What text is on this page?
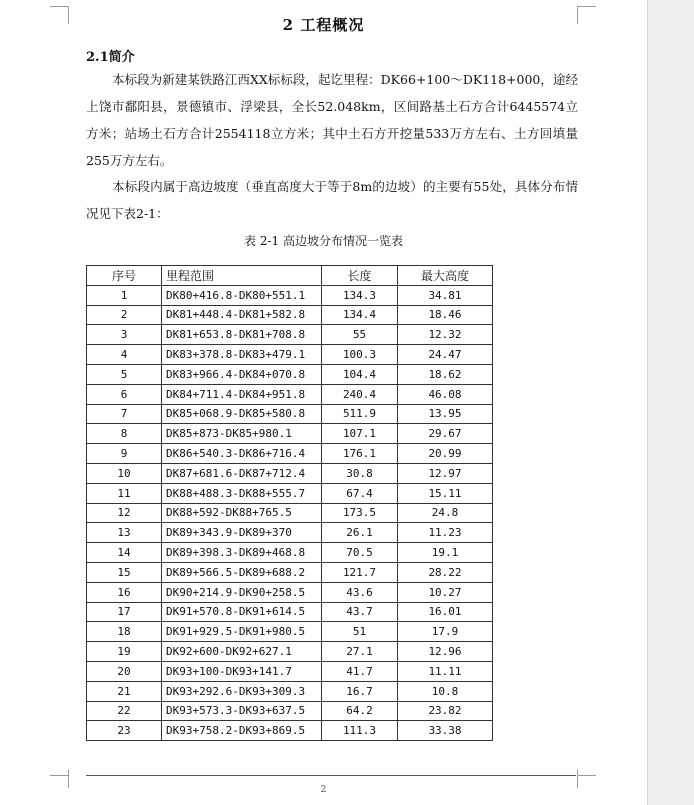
2 工程概况
2.1简介

本标段为新建某铁路江西XX标标段，起讫里程：DK66+100～DK118+000，途经上饶市鄱阳县，景德镇市、浮梁县，全长52.048km，区间路基土石方合计6445574立方米；站场土石方合计2554118立方米；其中土石方开挖量533万方左右、土方回填量255万方左右。

本标段内属于高边坡度（垂直高度大于等于8m的边坡）的主要有55处，具体分布情况见下表2-1：

表 2-1 高边坡分布情况一览表
序号	里程范围	长度	最大高度
1	DK80+416.8-DK80+551.1	134.3	34.81
2	DK81+448.4-DK81+582.8	134.4	18.46
3	DK81+653.8-DK81+708.8	55	12.32
4	DK83+378.8-DK83+479.1	100.3	24.47
5	DK83+966.4-DK84+070.8	104.4	18.62
6	DK84+711.4-DK84+951.8	240.4	46.08
7	DK85+068.9-DK85+580.8	511.9	13.95
8	DK85+873-DK85+980.1	107.1	29.67
9	DK86+540.3-DK86+716.4	176.1	20.99
10	DK87+681.6-DK87+712.4	30.8	12.97
11	DK88+488.3-DK88+555.7	67.4	15.11
12	DK88+592-DK88+765.5	173.5	24.8
13	DK89+343.9-DK89+370	26.1	11.23
14	DK89+398.3-DK89+468.8	70.5	19.1
15	DK89+566.5-DK89+688.2	121.7	28.22
16	DK90+214.9-DK90+258.5	43.6	10.27
17	DK91+570.8-DK91+614.5	43.7	16.01
18	DK91+929.5-DK91+980.5	51	17.9
19	DK92+600-DK92+627.1	27.1	12.96
20	DK93+100-DK93+141.7	41.7	11.11
21	DK93+292.6-DK93+309.3	16.7	10.8
22	DK93+573.3-DK93+637.5	64.2	23.82
23	DK93+758.2-DK93+869.5	111.3	33.38
2
